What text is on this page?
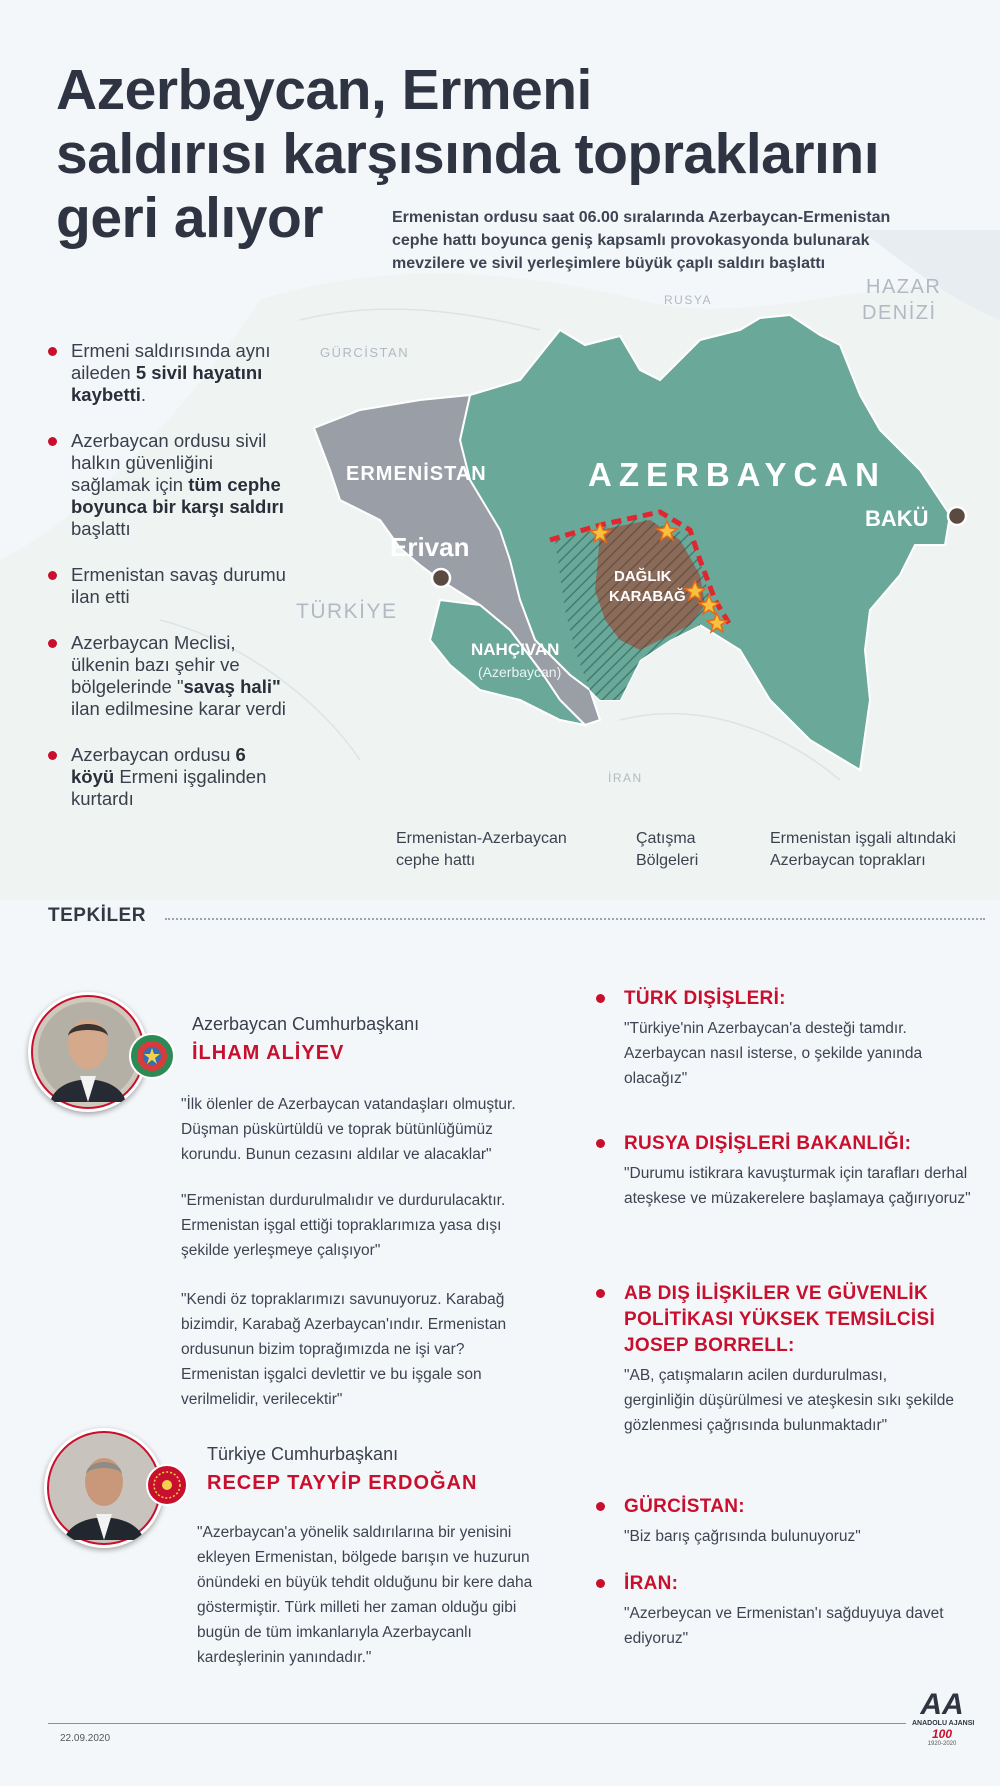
Azerbaycan, Ermeni
saldırısı karşısında topraklarını
geri alıyor	Ermenistan ordusu saat 06.00 sıralarında Azerbaycan-Ermenistan cephe hattı boyunca geniş kapsamlı provokasyonda bulunarak mevzilere ve sivil yerleşimlere büyük çaplı saldırı başlattı
Ermeni saldırısında aynı aileden 5 sivil hayatını kaybetti.
Azerbaycan ordusu sivil halkın güvenliğini sağlamak için tüm cephe boyunca bir karşı saldırı başlattı
Ermenistan savaş durumu ilan etti
Azerbaycan Meclisi, ülkenin bazı şehir ve bölgelerinde "savaş hali" ilan edilmesine karar verdi
Azerbaycan ordusu 6 köyü Ermeni işgalinden kurtardı
RUSYA
HAZAR
DENİZİ
GÜRCİSTAN
ERMENİSTAN	AZERBAYCAN
Erivan
BAKÜ
TÜRKİYE
DAĞLIK
KARABAĞ
NAHÇIVAN
(Azerbaycan)
İRAN
Ermenistan-Azerbaycan
cephe hattı
Çatışma
Bölgeleri
Ermenistan işgali altındaki
Azerbaycan toprakları
TEPKİLER
Azerbaycan Cumhurbaşkanı
İLHAM ALİYEV
"İlk ölenler de Azerbaycan vatandaşları olmuştur. Düşman püskürtüldü ve toprak bütünlüğümüz korundu. Bunun cezasını aldılar ve alacaklar"
"Ermenistan durdurulmalıdır ve durdurulacaktır. Ermenistan işgal ettiği topraklarımıza yasa dışı şekilde yerleşmeye çalışıyor"
"Kendi öz topraklarımızı savunuyoruz. Karabağ bizimdir, Karabağ Azerbaycan'ındır. Ermenistan ordusunun bizim toprağımızda ne işi var? Ermenistan işgalci devlettir ve bu işgale son verilmelidir, verilecektir"
Türkiye Cumhurbaşkanı
RECEP TAYYİP ERDOĞAN
"Azerbaycan'a yönelik saldırılarına bir yenisini ekleyen Ermenistan, bölgede barışın ve huzurun önündeki en büyük tehdit olduğunu bir kere daha göstermiştir. Türk milleti her zaman olduğu gibi bugün de tüm imkanlarıyla Azerbaycanlı kardeşlerinin yanındadır."
TÜRK DIŞİŞLERİ:

"Türkiye'nin Azerbaycan'a desteği tamdır. Azerbaycan nasıl isterse, o şekilde yanında olacağız"

RUSYA DIŞİŞLERİ BAKANLIĞI:

"Durumu istikrara kavuşturmak için tarafları derhal ateşkese ve müzakerelere başlamaya çağırıyoruz"

AB DIŞ İLİŞKİLER VE GÜVENLİK POLİTİKASI YÜKSEK TEMSİLCİSİ JOSEP BORRELL:

"AB, çatışmaların acilen durdurulması, gerginliğin düşürülmesi ve ateşkesin sıkı şekilde gözlenmesi çağrısında bulunmaktadır"

GÜRCİSTAN:

"Biz barış çağrısında bulunuyoruz"

İRAN:

"Azerbeycan ve Ermenistan'ı sağduyuya davet ediyoruz"

22.09.2020
AA
ANADOLU AJANSI
100
1920-2020
